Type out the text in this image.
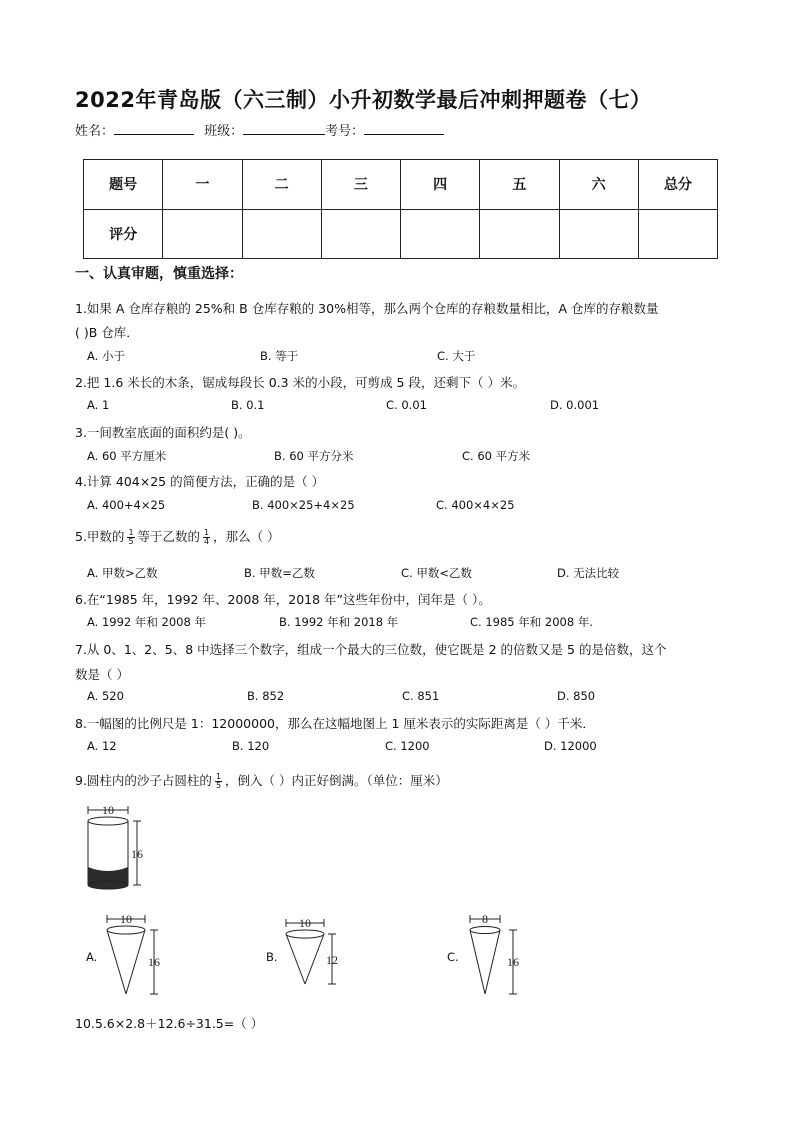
2022年青岛版（六三制）小升初数学最后冲刺押题卷（七）
姓名：	班级：	考号：
题号	一	二	三	四	五	六	总分
评分							
一、认真审题，慎重选择：
1.如果 A 仓库存粮的 25%和 B 仓库存粮的 30%相等，那么两个仓库的存粮数量相比，A 仓库的存粮数量
( )B 仓库．
A. 小于	B. 等于	C. 大于
2.把 1.6 米长的木条，锯成每段长 0.3 米的小段，可剪成 5 段，还剩下（ ）米。
A. 1	B. 0.1	C. 0.01	D. 0.001
3.一间教室底面的面积约是( )。
A. 60 平方厘米	B. 60 平方分米	C. 60 平方米
4.计算 404×25 的简便方法，正确的是（ ）
A. 400+4×25	B. 400×25+4×25	C. 400×4×25
5.甲数的 $\frac{1}{5}$ 等于乙数的 $\frac{1}{4}$ ，那么（ ）
A. 甲数>乙数	B. 甲数=乙数	C. 甲数<乙数	D. 无法比较
6.在“1985 年，1992 年、2008 年，2018 年”这些年份中，闰年是（ ）。
A. 1992 年和 2008 年	B. 1992 年和 2018 年	C. 1985 年和 2008 年.
7.从 0、1、2、5、8 中选择三个数字，组成一个最大的三位数，使它既是 2 的倍数又是 5 的是倍数，这个
数是（ ）
A. 520	B. 852	C. 851	D. 850
8.一幅图的比例尺是 1：12000000，那么在这幅地图上 1 厘米表示的实际距离是（ ）千米．
A. 12	B. 120	C. 1200	D. 12000
9.圆柱内的沙子占圆柱的 $\frac{1}{5}$ ，倒入（ ）内正好倒满。（单位：厘米）
10
16
A.
10
16	B.
10
12	C.
8
16
10.5.6×2.8＋12.6÷31.5=（ ）
